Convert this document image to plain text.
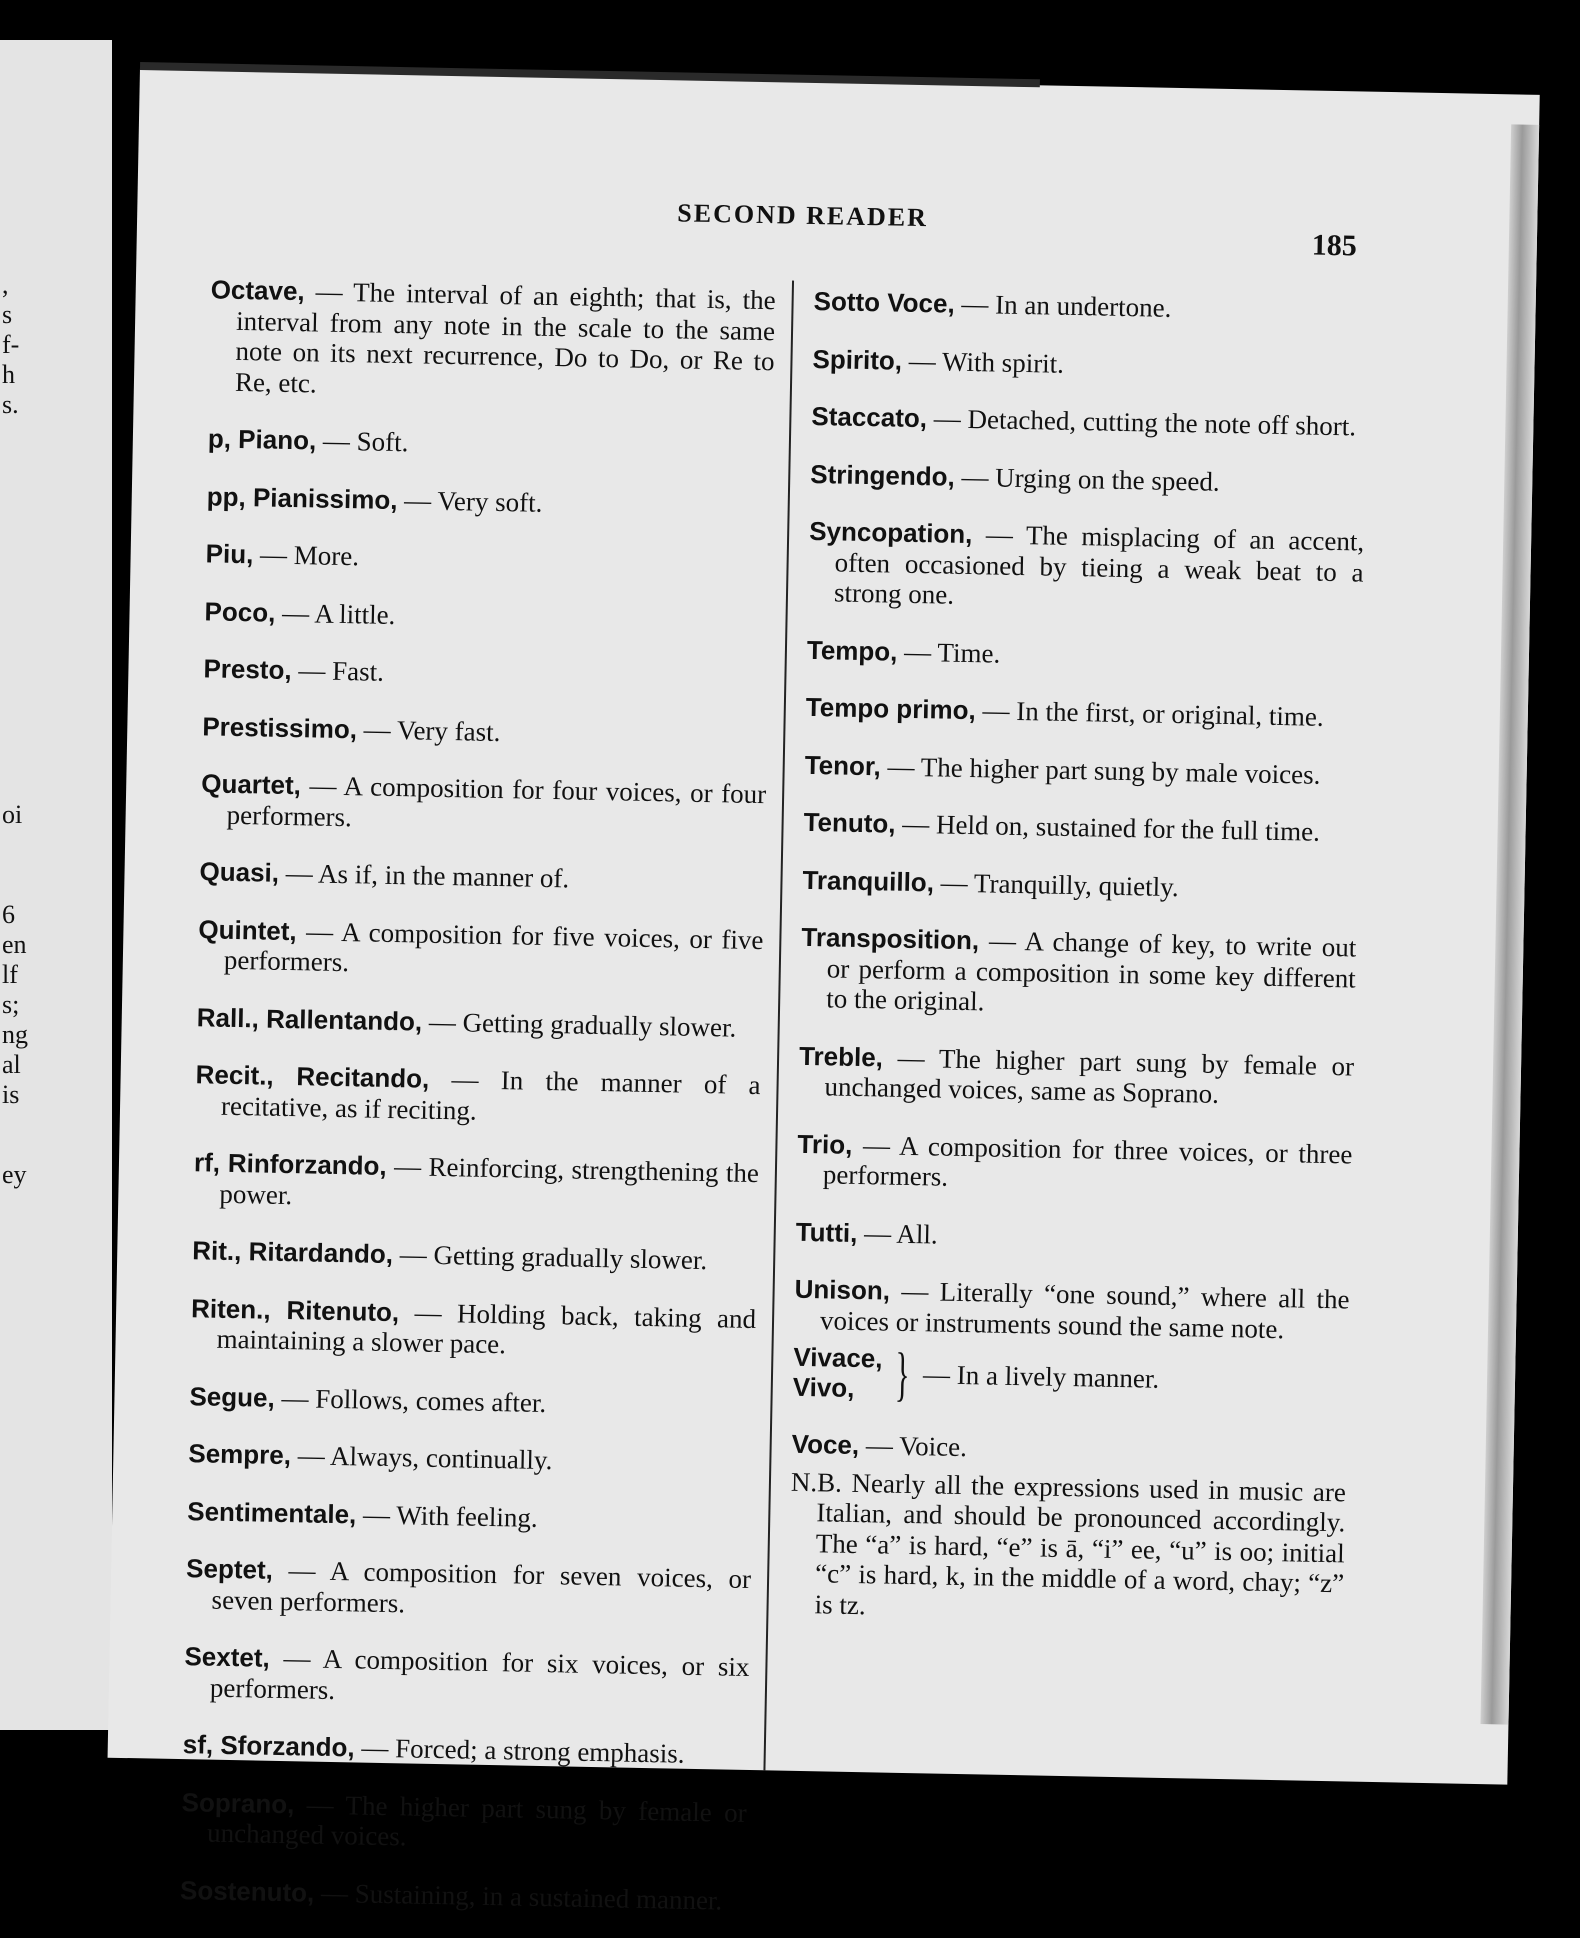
,
s
f-
h
s.
oi
6
en
lf
s;
ng
al
is
ey
SECOND READER
185

Octave, — The interval of an eighth; that is, the interval from any note in the scale to the same note on its next recurrence, Do to Do, or Re to Re, etc.

p, Piano, — Soft.

pp, Pianissimo, — Very soft.

Piu, — More.

Poco, — A little.

Presto, — Fast.

Prestissimo, — Very fast.

Quartet, — A composition for four voices, or four performers.

Quasi, — As if, in the manner of.

Quintet, — A composition for five voices, or five performers.

Rall., Rallentando, — Getting gradually slower.

Recit., Recitando, — In the manner of a recitative, as if reciting.

rf, Rinforzando, — Reinforcing, strengthening the power.

Rit., Ritardando, — Getting gradually slower.

Riten., Ritenuto, — Holding back, taking and maintaining a slower pace.

Segue, — Follows, comes after.

Sempre, — Always, continually.

Sentimentale, — With feeling.

Septet, — A composition for seven voices, or seven performers.

Sextet, — A composition for six voices, or six performers.

sf, Sforzando, — Forced; a strong emphasis.

Soprano, — The higher part sung by female or unchanged voices.

Sostenuto, — Sustaining, in a sustained manner.

Sotto Voce, — In an undertone.

Spirito, — With spirit.

Staccato, — Detached, cutting the note off short.

Stringendo, — Urging on the speed.

Syncopation, — The misplacing of an accent, often occasioned by tieing a weak beat to a strong one.

Tempo, — Time.

Tempo primo, — In the first, or original, time.

Tenor, — The higher part sung by male voices.

Tenuto, — Held on, sustained for the full time.

Tranquillo, — Tranquilly, quietly.

Transposition, — A change of key, to write out or perform a composition in some key different to the original.

Treble, — The higher part sung by female or unchanged voices, same as Soprano.

Trio, — A composition for three voices, or three performers.

Tutti, — All.

Unison, — Literally “one sound,” where all the voices or instruments sound the same note.

Vivace,
Vivo, } — In a lively manner.

Voce, — Voice.

N.B. Nearly all the expressions used in music are Italian, and should be pronounced accordingly. The “a” is hard, “e” is ā, “i” ee, “u” is oo; initial “c” is hard, k, in the middle of a word, chay; “z” is tz.
